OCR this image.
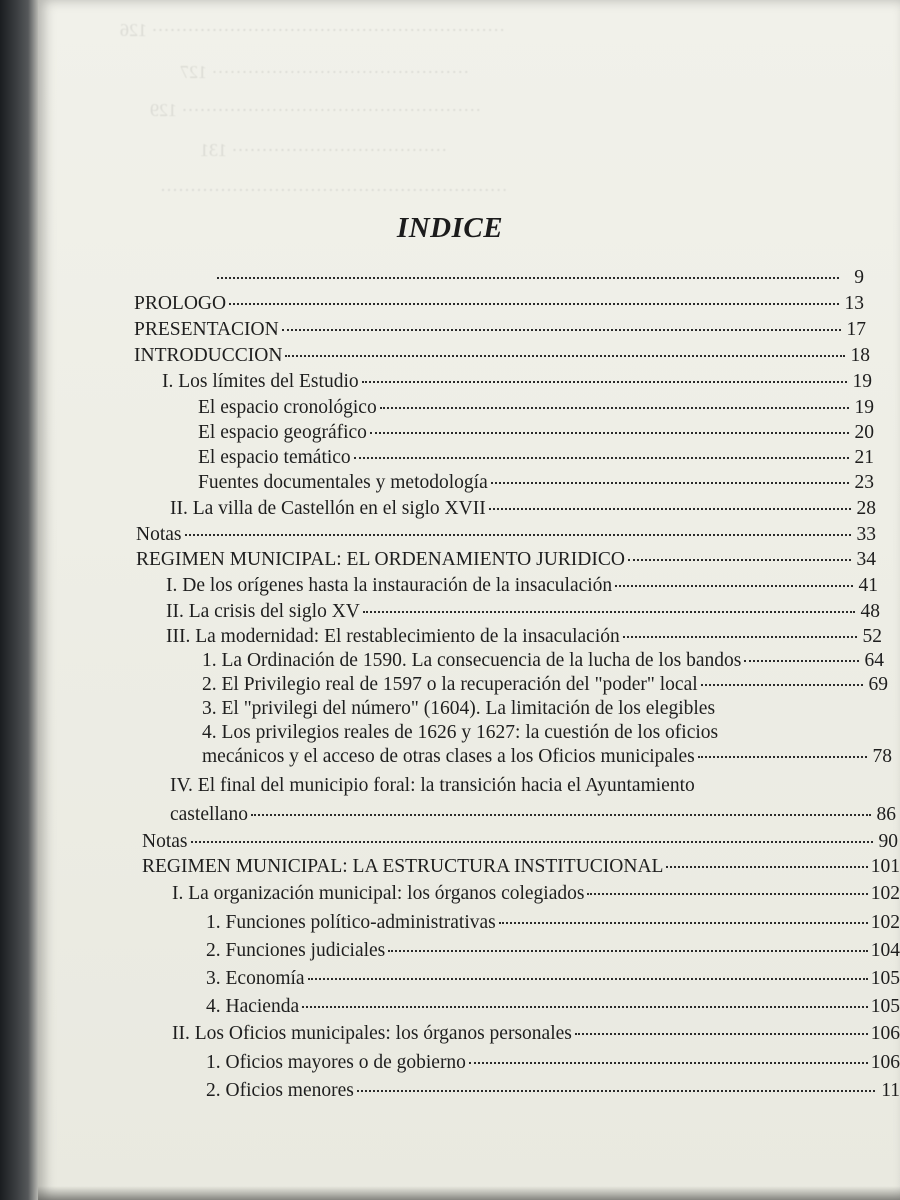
INDICE
9
PROLOGO	13
PRESENTACION	17
INTRODUCCION	18
I. Los límites del Estudio	19
El espacio cronológico	19
El espacio geográfico	20
El espacio temático	21
Fuentes documentales y metodología	23
II. La villa de Castellón en el siglo XVII	28
Notas	33
REGIMEN MUNICIPAL: EL ORDENAMIENTO JURIDICO	34
I. De los orígenes hasta la instauración de la insaculación	41
II. La crisis del siglo XV	48
III. La modernidad: El restablecimiento de la insaculación	52
1. La Ordinación de 1590. La consecuencia de la lucha de los bandos	64
2. El Privilegio real de 1597 o la recuperación del "poder" local	69
3. El "privilegi del número" (1604). La limitación de los elegibles
4. Los privilegios reales de 1626 y 1627: la cuestión de los oficios
mecánicos y el acceso de otras clases a los Oficios municipales	78
IV. El final del municipio foral: la transición hacia el Ayuntamiento
castellano	86
Notas	90
REGIMEN MUNICIPAL: LA ESTRUCTURA INSTITUCIONAL	101
I. La organización municipal: los órganos colegiados	102
1. Funciones político-administrativas	102
2. Funciones judiciales	104
3. Economía	105
4. Hacienda	105
II. Los Oficios municipales: los órganos personales	106
1. Oficios mayores o de gobierno	106
2. Oficios menores	11
